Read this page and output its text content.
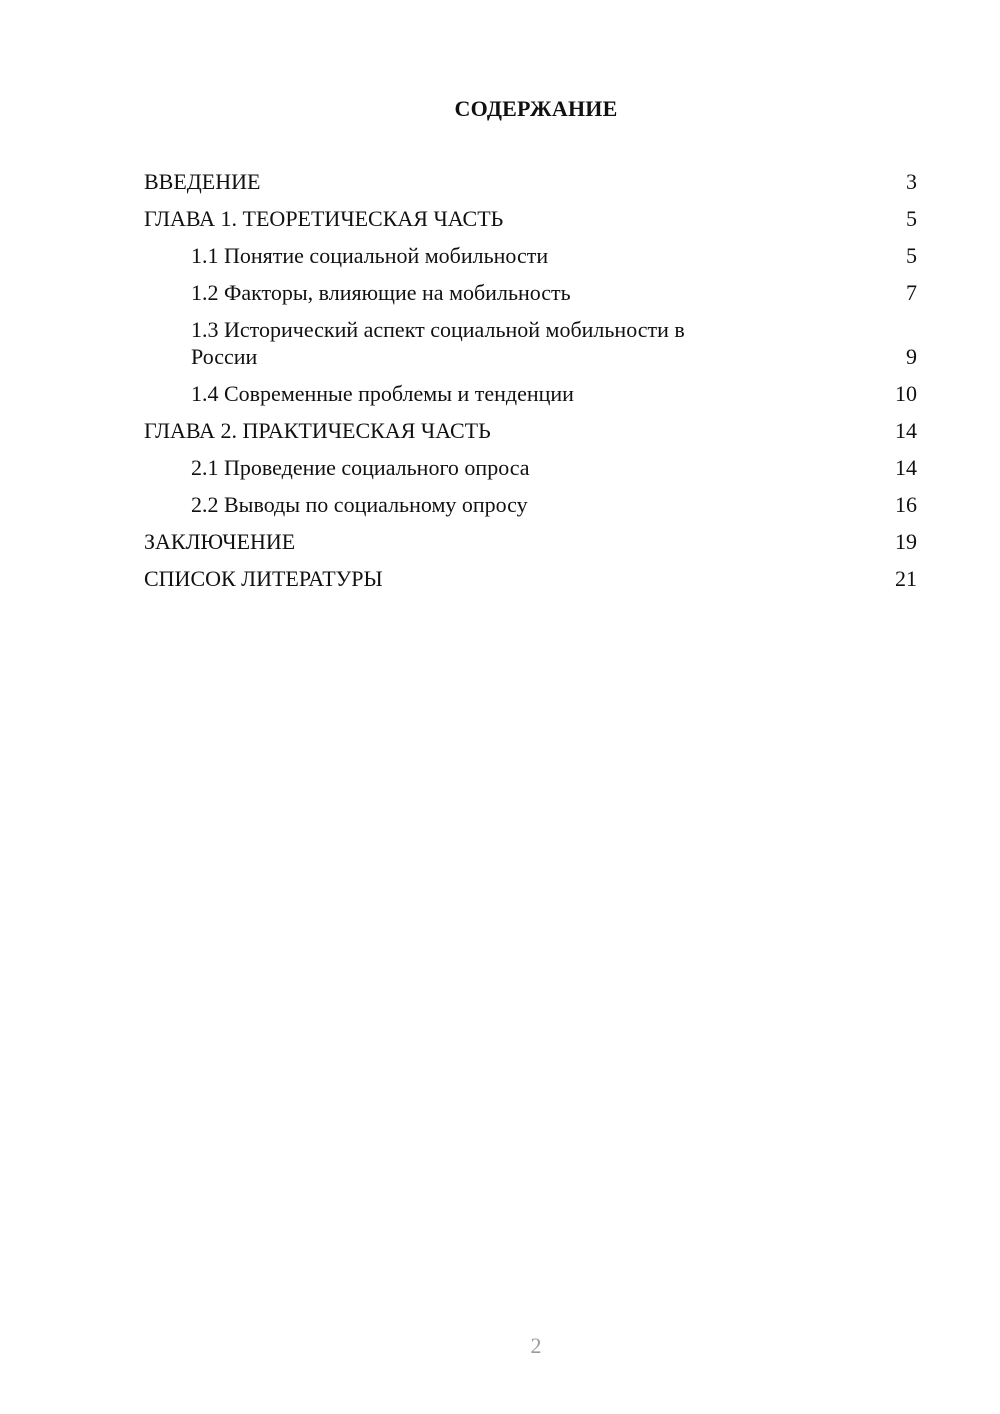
СОДЕРЖАНИЕ
ВВЕДЕНИЕ	3
ГЛАВА 1. ТЕОРЕТИЧЕСКАЯ ЧАСТЬ	5
1.1 Понятие социальной мобильности	5
1.2 Факторы, влияющие на мобильность	7
1.3 Исторический аспект социальной мобильности в России	9
1.4 Современные проблемы и тенденции	10
ГЛАВА 2. ПРАКТИЧЕСКАЯ ЧАСТЬ	14
2.1 Проведение социального опроса	14
2.2 Выводы по социальному опросу	16
ЗАКЛЮЧЕНИЕ	19
СПИСОК ЛИТЕРАТУРЫ	21
2
